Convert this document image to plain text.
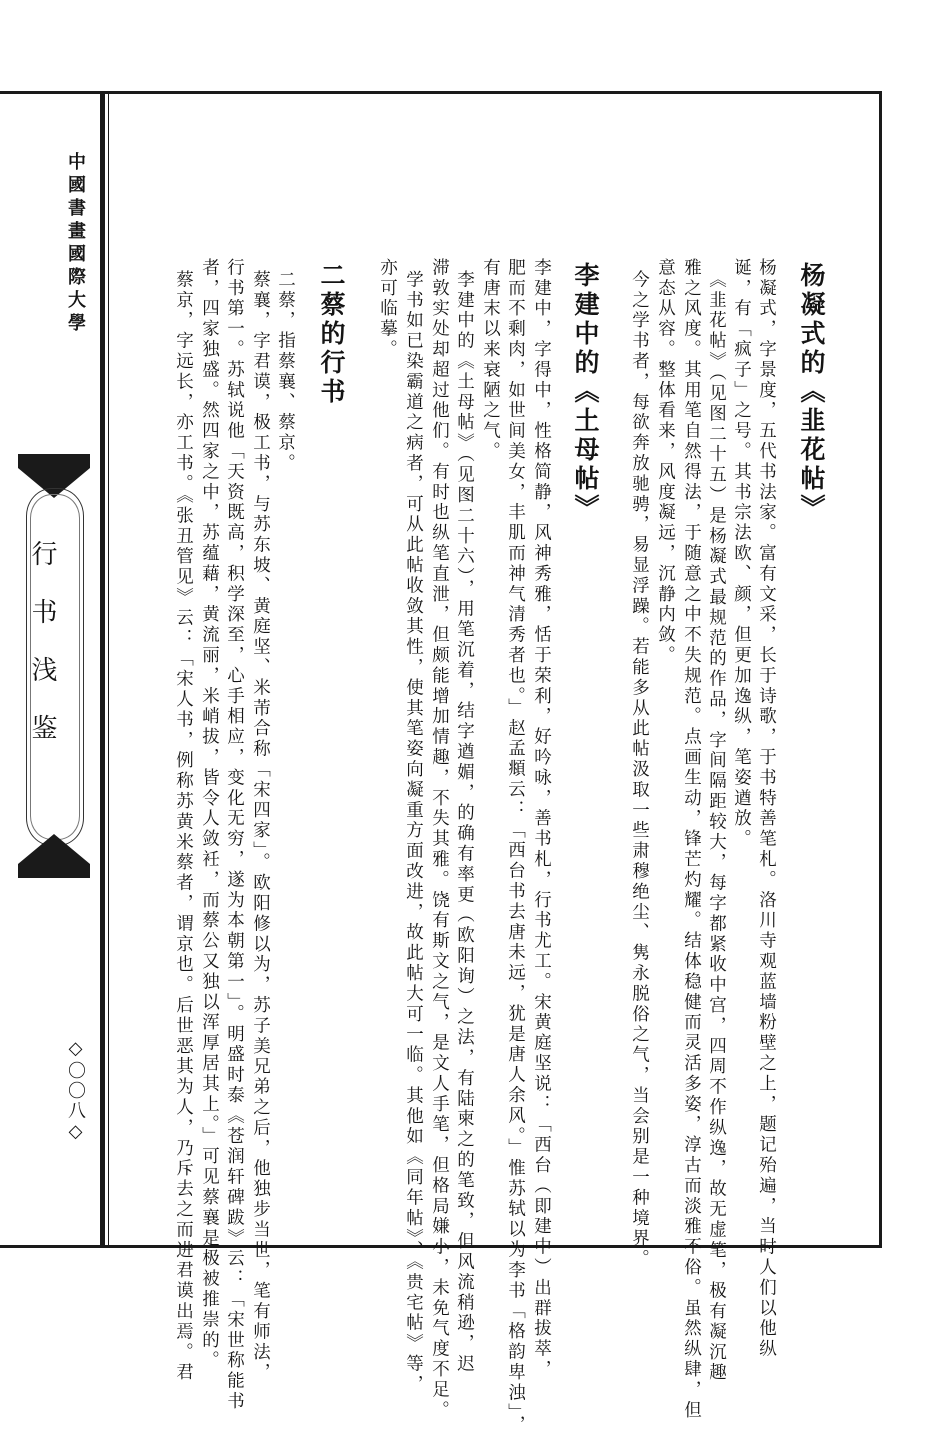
中國書畫國際大學

行书浅鉴

◇〇〇八◇

杨凝式的《韭花帖》

杨凝式，字景度，五代书法家。富有文采，长于诗歌，于书特善笔札。洛川寺观蓝墙粉壁之上，题记殆遍，当时人们以他纵

诞，有「疯子」之号。其书宗法欧、颜，但更加逸纵，笔姿遒放。

《韭花帖》（见图二十五）是杨凝式最规范的作品，字间隔距较大，每字都紧收中宫，四周不作纵逸，故无虚笔，极有凝沉趣

雅之风度。其用笔自然得法，于随意之中不失规范。点画生动，锋芒灼耀。结体稳健而灵活多姿，淳古而淡雅不俗。虽然纵肆，但

意态从容。整体看来，风度凝远，沉静内敛。

今之学书者，每欲奔放驰骋，易显浮躁。若能多从此帖汲取一些肃穆绝尘、隽永脱俗之气，当会别是一种境界。

李建中的《土母帖》

李建中，字得中，性格简静，风神秀雅，恬于荣利，好吟咏，善书札，行书尤工。宋黄庭坚说：「西台（即建中）出群拔萃，

肥而不剩肉，如世间美女，丰肌而神气清秀者也。」赵孟頫云：「西台书去唐未远，犹是唐人余风。」惟苏轼以为李书「格韵卑浊」，

有唐末以来衰陋之气。

李建中的《土母帖》（见图二十六），用笔沉着，结字遒媚，的确有率更（欧阳询）之法，有陆柬之的笔致，但风流稍逊，迟

滞敦实处却超过他们。有时也纵笔直泄，但颇能增加情趣，不失其雅。饶有斯文之气，是文人手笔，但格局嫌小，未免气度不足。

学书如已染霸道之病者，可从此帖收敛其性，使其笔姿向凝重方面改进，故此帖大可一临。其他如《同年帖》、《贵宅帖》等，

亦可临摹。

二蔡的行书

二蔡，指蔡襄、蔡京。

蔡襄，字君谟，极工书，与苏东坡、黄庭坚、米芾合称「宋四家」。欧阳修以为，苏子美兄弟之后，他独步当世，笔有师法，

行书第一。苏轼说他「天资既高，积学深至，心手相应，变化无穷，遂为本朝第一」。明盛时泰《苍润轩碑跋》云：「宋世称能书

者，四家独盛。然四家之中，苏蕴藉，黄流丽，米峭拔，皆令人敛衽，而蔡公又独以浑厚居其上。」可见蔡襄是极被推崇的。

蔡京，字远长，亦工书。《张丑管见》云：「宋人书，例称苏黄米蔡者，谓京也。后世恶其为人，乃斥去之而进君谟出焉。君
